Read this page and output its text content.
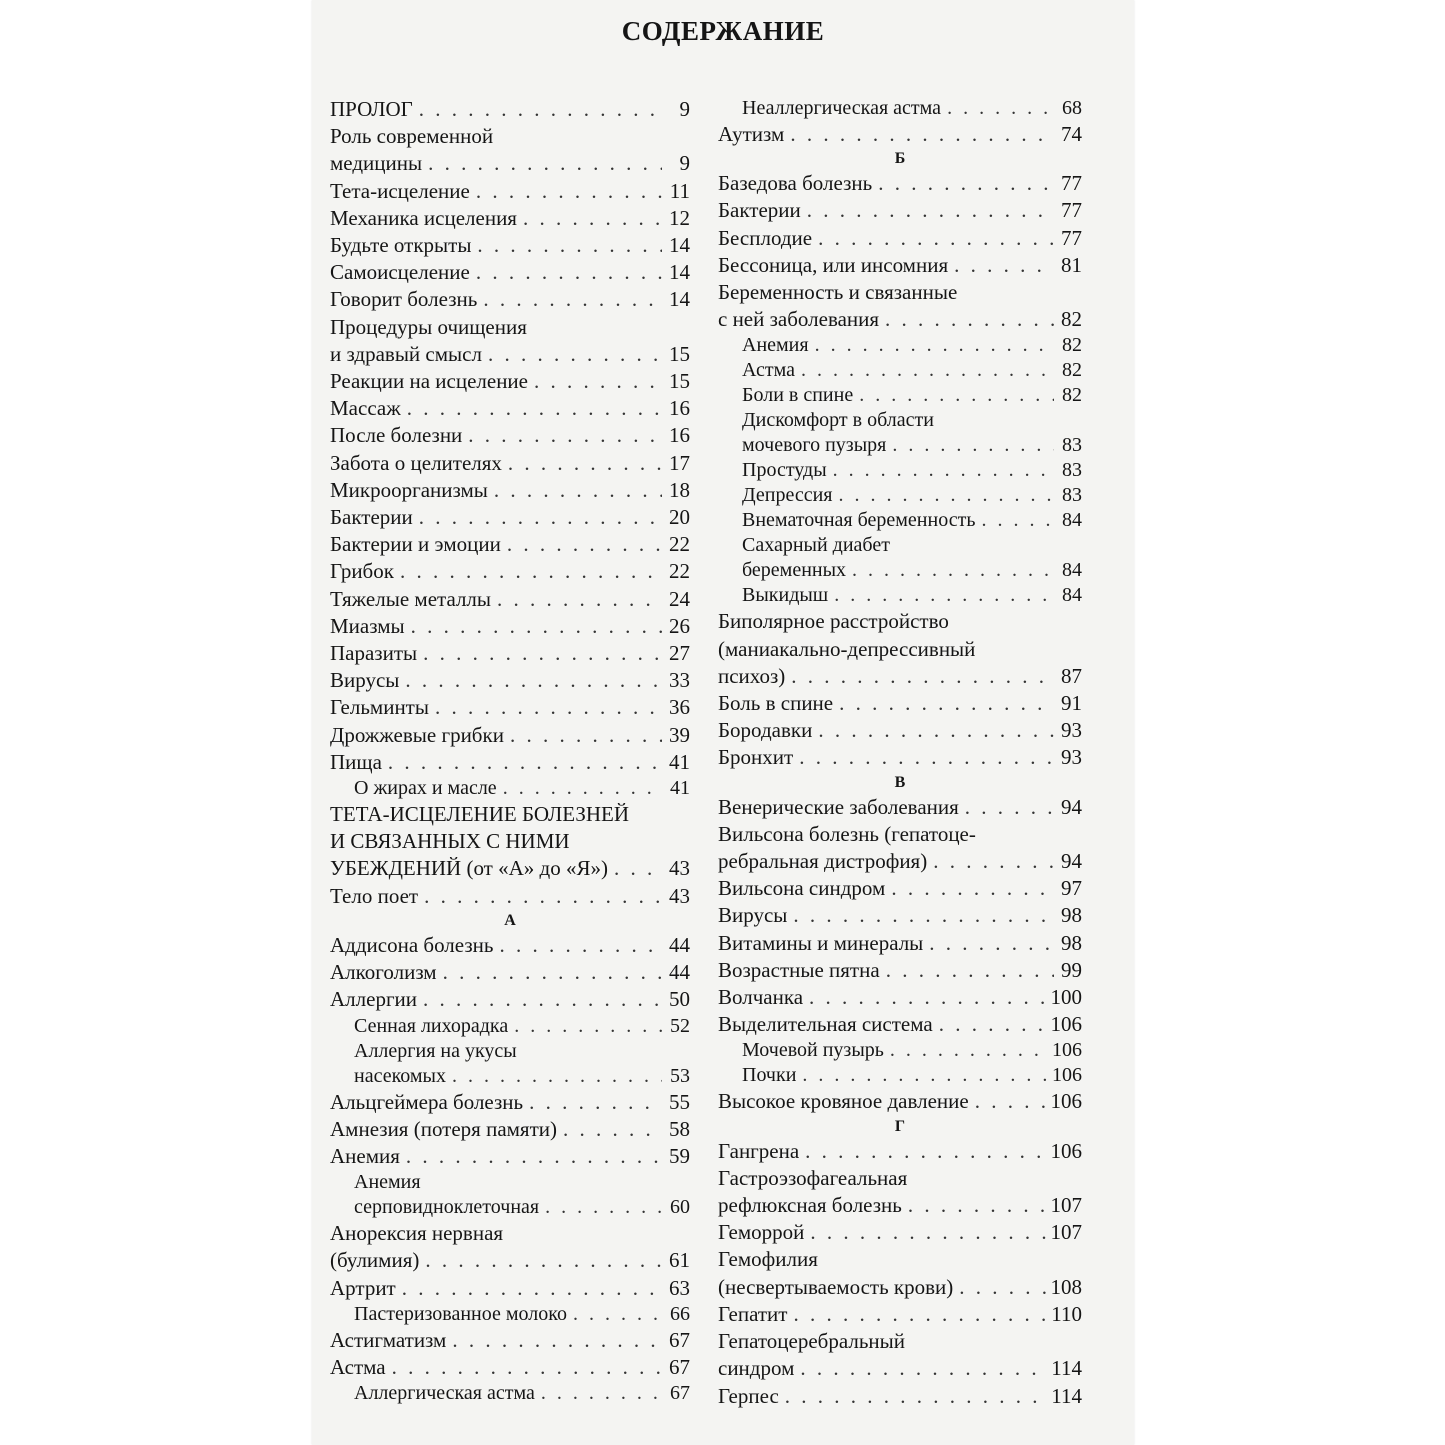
СОДЕРЖАНИЕ
ПРОЛОГ . . .	9
Роль современной
медицины . . .	9
Тета-исцеление . . .	11
Механика исцеления . . .	12
Будьте открыты . . .	14
Самоисцеление . . .	14
Говорит болезнь . . .	14
Процедуры очищения
и здравый смысл . . .	15
Реакции на исцеление . . .	15
Массаж . . .	16
После болезни . . .	16
Забота о целителях . . .	17
Микроорганизмы . . .	18
Бактерии . . .	20
Бактерии и эмоции . . .	22
Грибок . . .	22
Тяжелые металлы . . .	24
Миазмы . . .	26
Паразиты . . .	27
Вирусы . . .	33
Гельминты . . .	36
Дрожжевые грибки . . .	39
Пища . . .	41
О жирах и масле . . .	41
ТЕТА-ИСЦЕЛЕНИЕ БОЛЕЗНЕЙ
И СВЯЗАННЫХ С НИМИ
УБЕЖДЕНИЙ (от «А» до «Я») . . .	43
Тело поет . . .	43
А
Аддисона болезнь . . .	44
Алкоголизм . . .	44
Аллергии . . .	50
Сенная лихорадка . . .	52
Аллергия на укусы
насекомых . . .	53
Альцгеймера болезнь . . .	55
Амнезия (потеря памяти) . . .	58
Анемия . . .	59
Анемия
серповидноклеточная . . .	60
Анорексия нервная
(булимия) . . .	61
Артрит . . .	63
Пастеризованное молоко . . .	66
Астигматизм . . .	67
Астма . . .	67
Аллергическая астма . . .	67
Неаллергическая астма . . .	68
Аутизм . . .	74
Б
Базедова болезнь . . .	77
Бактерии . . .	77
Бесплодие . . .	77
Бессоница, или инсомния . . .	81
Беременность и связанные
с ней заболевания . . .	82
Анемия . . .	82
Астма . . .	82
Боли в спине . . .	82
Дискомфорт в области
мочевого пузыря . . .	83
Простуды . . .	83
Депрессия . . .	83
Внематочная беременность . . .	84
Сахарный диабет
беременных . . .	84
Выкидыш . . .	84
Биполярное расстройство
(маниакально-депрессивный
психоз) . . .	87
Боль в спине . . .	91
Бородавки . . .	93
Бронхит . . .	93
В
Венерические заболевания . . .	94
Вильсона болезнь (гепатоце-
ребральная дистрофия) . . .	94
Вильсона синдром . . .	97
Вирусы . . .	98
Витамины и минералы . . .	98
Возрастные пятна . . .	99
Волчанка . . .	100
Выделительная система . . .	106
Мочевой пузырь . . .	106
Почки . . .	106
Высокое кровяное давление . . .	106
Г
Гангрена . . .	106
Гастроэзофагеальная
рефлюксная болезнь . . .	107
Геморрой . . .	107
Гемофилия
(несвертываемость крови) . . .	108
Гепатит . . .	110
Гепатоцеребральный
синдром . . .	114
Герпес . . .	114
